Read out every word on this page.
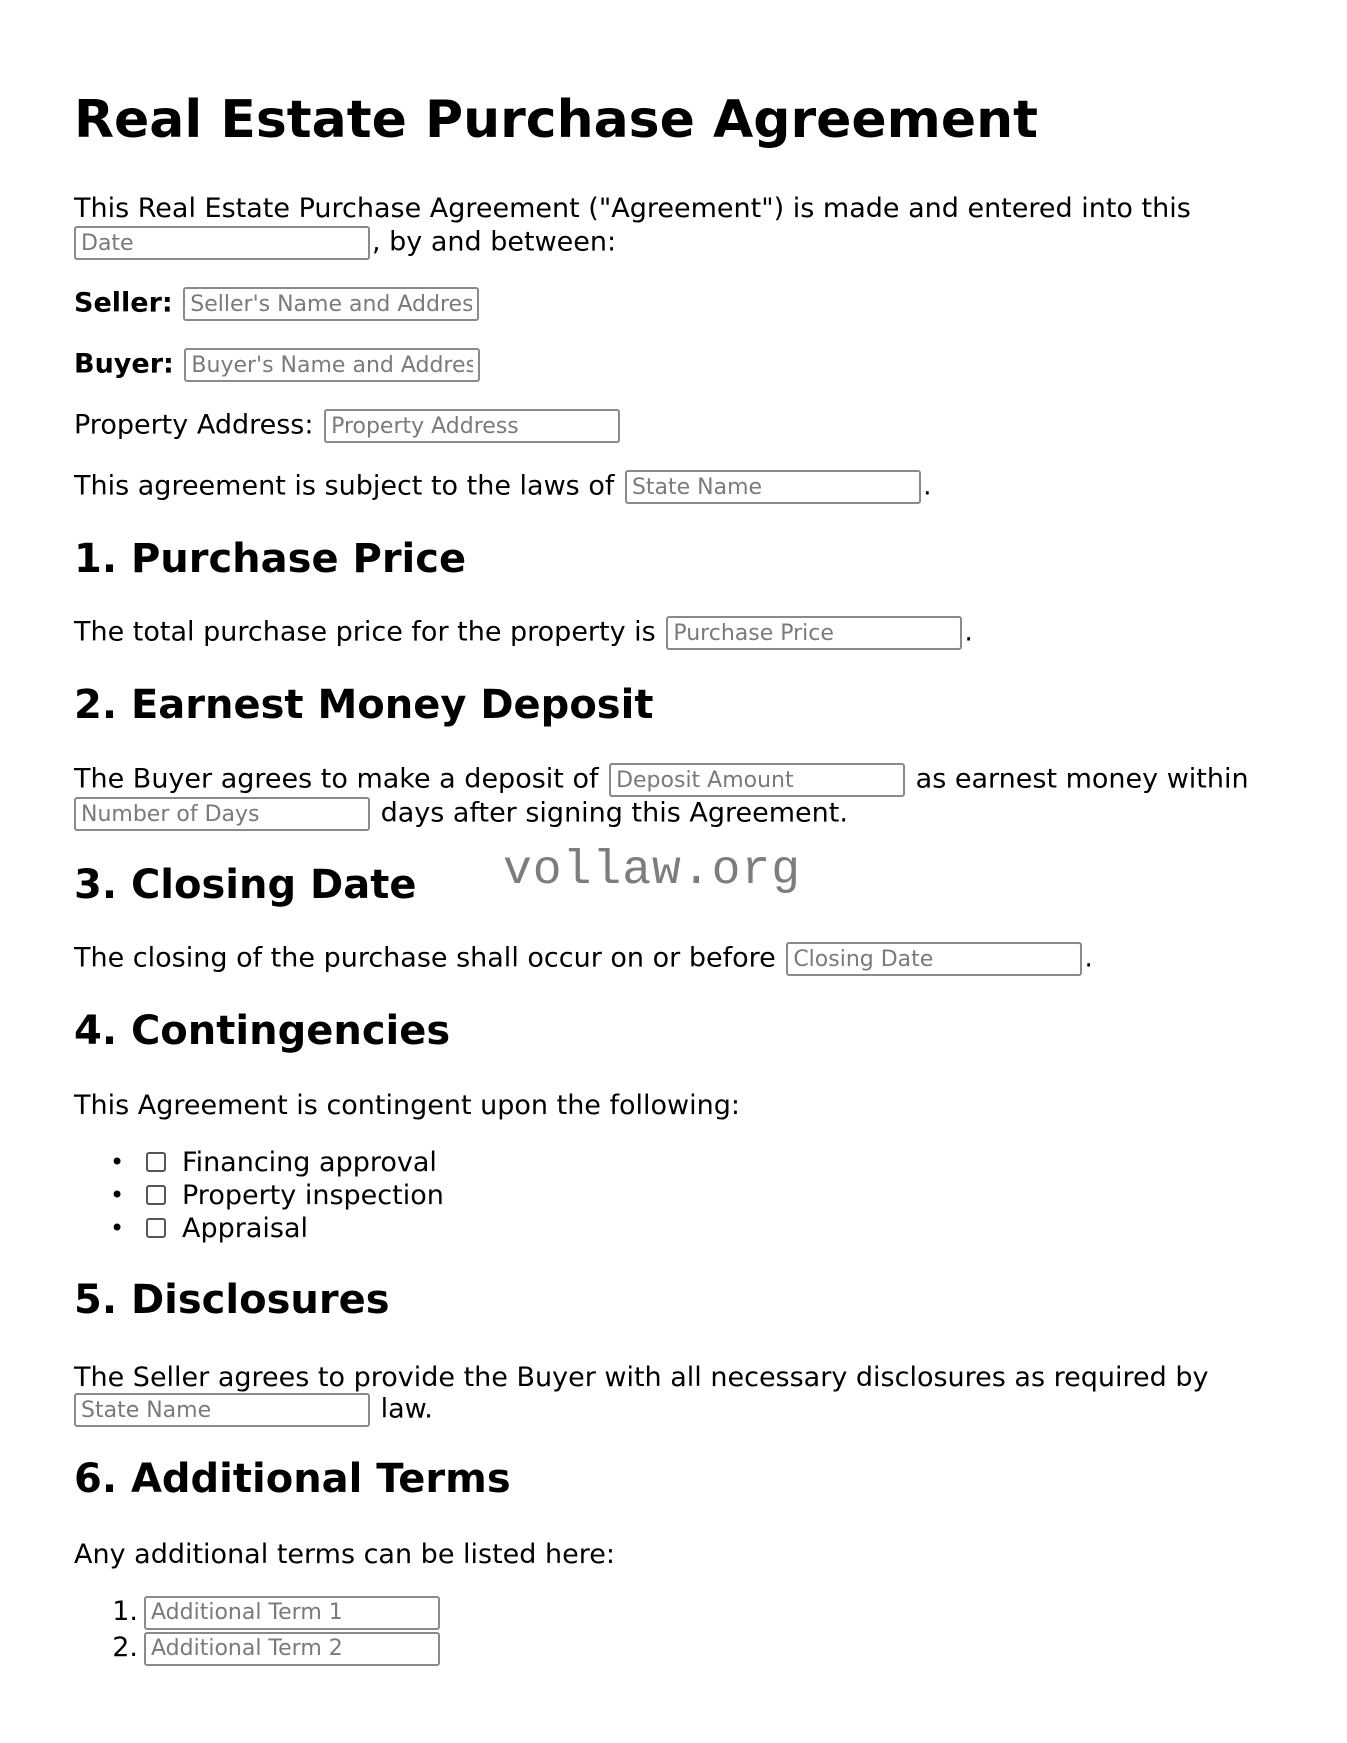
Real Estate Purchase Agreement
This Real Estate Purchase Agreement ("Agreement") is made and entered into this
Date, by and between:
Seller: Seller's Name and Address
Buyer: Buyer's Name and Address
Property Address: Property Address
This agreement is subject to the laws of State Name	.
1. Purchase Price
The total purchase price for the property is Purchase Price	.
2. Earnest Money Deposit
The Buyer agrees to make a deposit of Deposit Amount	as earnest money within
Number of Days days after signing this Agreement.
3. Closing Date
The closing of the purchase shall occur on or before Closing Date	.
4. Contingencies
This Agreement is contingent upon the following:
• Financing approval
• Property inspection
• Appraisal
5. Disclosures
The Seller agrees to provide the Buyer with all necessary disclosures as required by
State Name law.
6. Additional Terms
Any additional terms can be listed here:
1.Additional Term 1
2.Additional Term 2
vollaw.org
